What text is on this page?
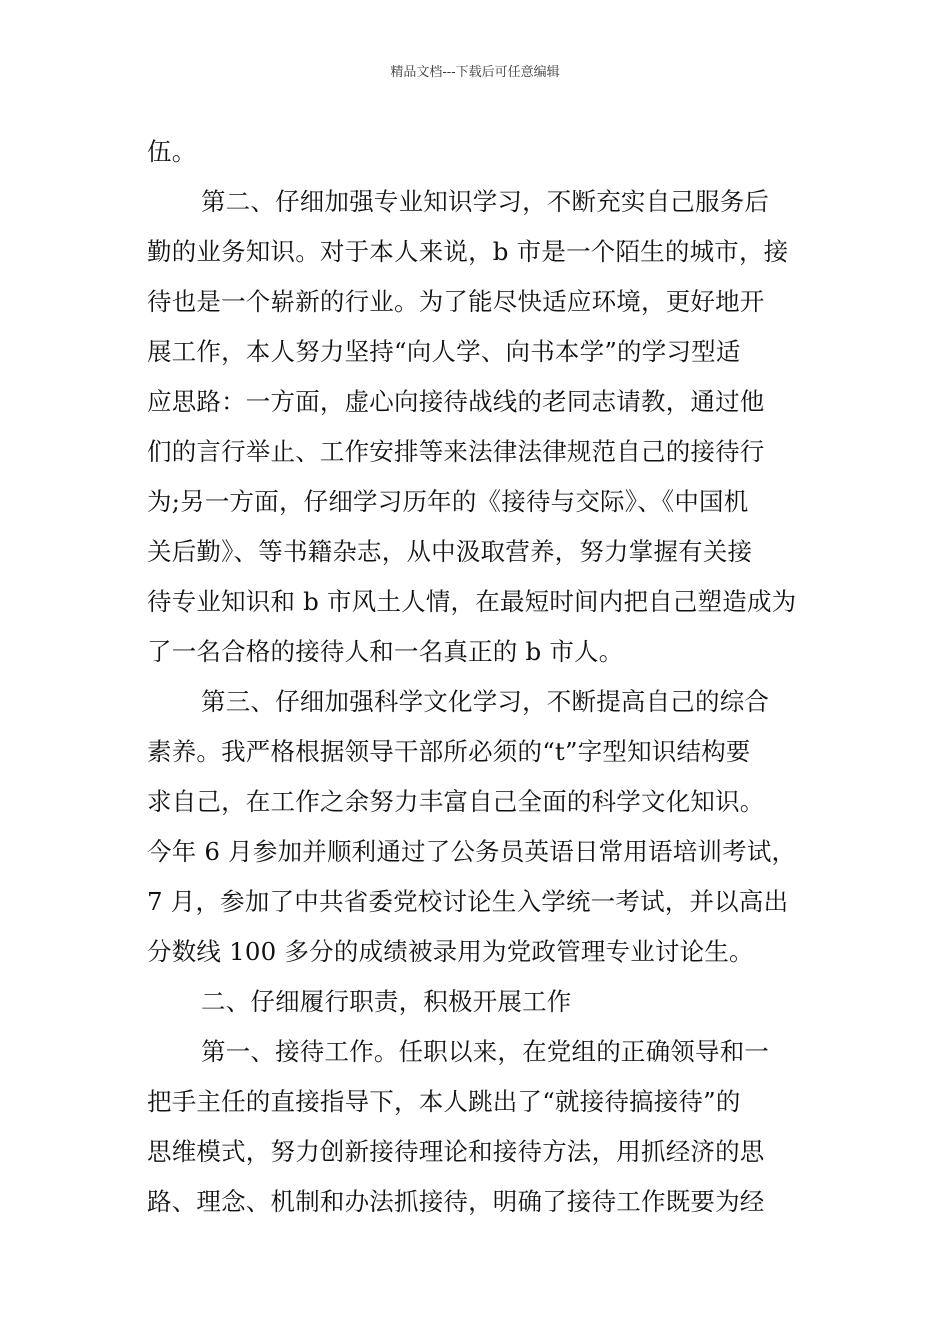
精品文档---下载后可任意编辑
伍。
第二、仔细加强专业知识学习，不断充实自己服务后
勤的业务知识。对于本人来说，b 市是一个陌生的城市，接
待也是一个崭新的行业。为了能尽快适应环境，更好地开
展工作，本人努力坚持“向人学、向书本学”的学习型适
应思路：一方面，虚心向接待战线的老同志请教，通过他
们的言行举止、工作安排等来法律法律规范自己的接待行
为;另一方面，仔细学习历年的《接待与交际》、《中国机
关后勤》、等书籍杂志，从中汲取营养，努力掌握有关接
待专业知识和 b 市风土人情，在最短时间内把自己塑造成为
了一名合格的接待人和一名真正的 b 市人。
第三、仔细加强科学文化学习，不断提高自己的综合
素养。我严格根据领导干部所必须的“t”字型知识结构要
求自己，在工作之余努力丰富自己全面的科学文化知识。
今年 6 月参加并顺利通过了公务员英语日常用语培训考试，
7 月，参加了中共省委党校讨论生入学统一考试，并以高出
分数线 100 多分的成绩被录用为党政管理专业讨论生。
二、仔细履行职责，积极开展工作
第一、接待工作。任职以来，在党组的正确领导和一
把手主任的直接指导下，本人跳出了“就接待搞接待”的
思维模式，努力创新接待理论和接待方法，用抓经济的思
路、理念、机制和办法抓接待，明确了接待工作既要为经
